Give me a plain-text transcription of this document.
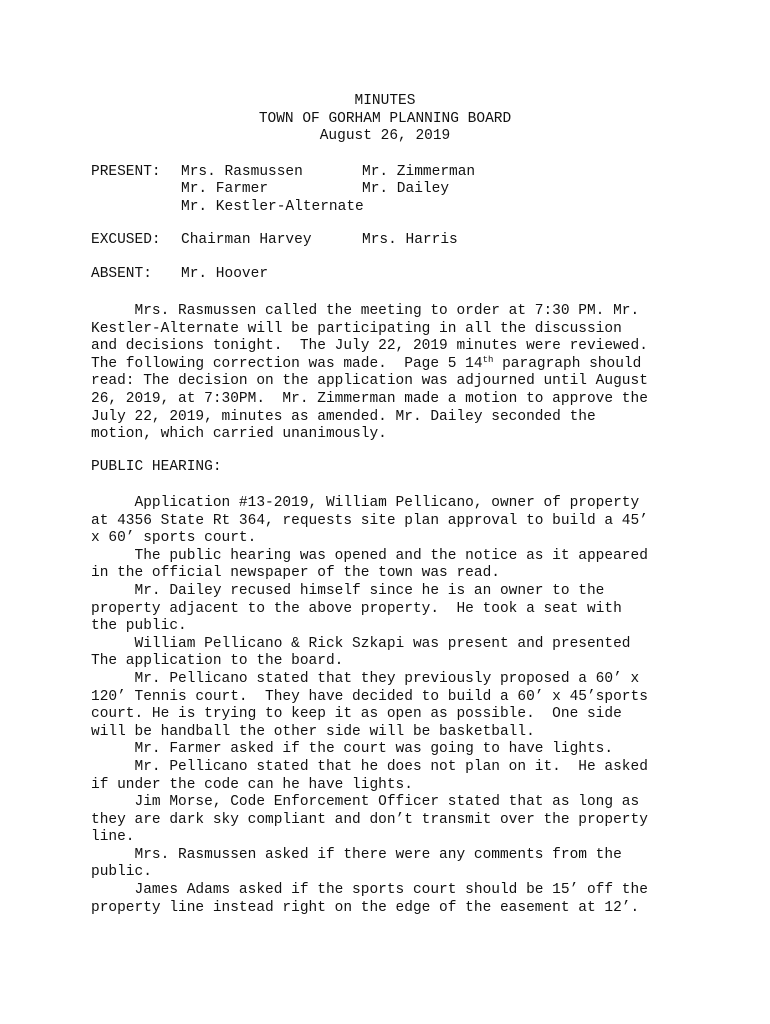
MINUTES
TOWN OF GORHAM PLANNING BOARD
August 26, 2019
PRESENT: Mrs. Rasmussen	Mr. Zimmerman
Mr. Farmer	Mr. Dailey
Mr. Kestler-Alternate
EXCUSED: Chairman Harvey	Mrs. Harris
ABSENT: Mr. Hoover
Mrs. Rasmussen called the meeting to order at 7:30 PM. Mr.
Kestler-Alternate will be participating in all the discussion
and decisions tonight.  The July 22, 2019 minutes were reviewed.
The following correction was made.  Page 5 14th paragraph should
read: The decision on the application was adjourned until August
26, 2019, at 7:30PM.  Mr. Zimmerman made a motion to approve the
July 22, 2019, minutes as amended. Mr. Dailey seconded the
motion, which carried unanimously.
PUBLIC HEARING:
Application #13-2019, William Pellicano, owner of property
at 4356 State Rt 364, requests site plan approval to build a 45’
x 60’ sports court.
The public hearing was opened and the notice as it appeared
in the official newspaper of the town was read.
Mr. Dailey recused himself since he is an owner to the
property adjacent to the above property.  He took a seat with
the public.
William Pellicano & Rick Szkapi was present and presented
The application to the board.
Mr. Pellicano stated that they previously proposed a 60’ x
120’ Tennis court.  They have decided to build a 60’ x 45’sports
court. He is trying to keep it as open as possible.  One side
will be handball the other side will be basketball.
Mr. Farmer asked if the court was going to have lights.
Mr. Pellicano stated that he does not plan on it.  He asked
if under the code can he have lights.
Jim Morse, Code Enforcement Officer stated that as long as
they are dark sky compliant and don’t transmit over the property
line.
Mrs. Rasmussen asked if there were any comments from the
public.
James Adams asked if the sports court should be 15’ off the
property line instead right on the edge of the easement at 12’.
